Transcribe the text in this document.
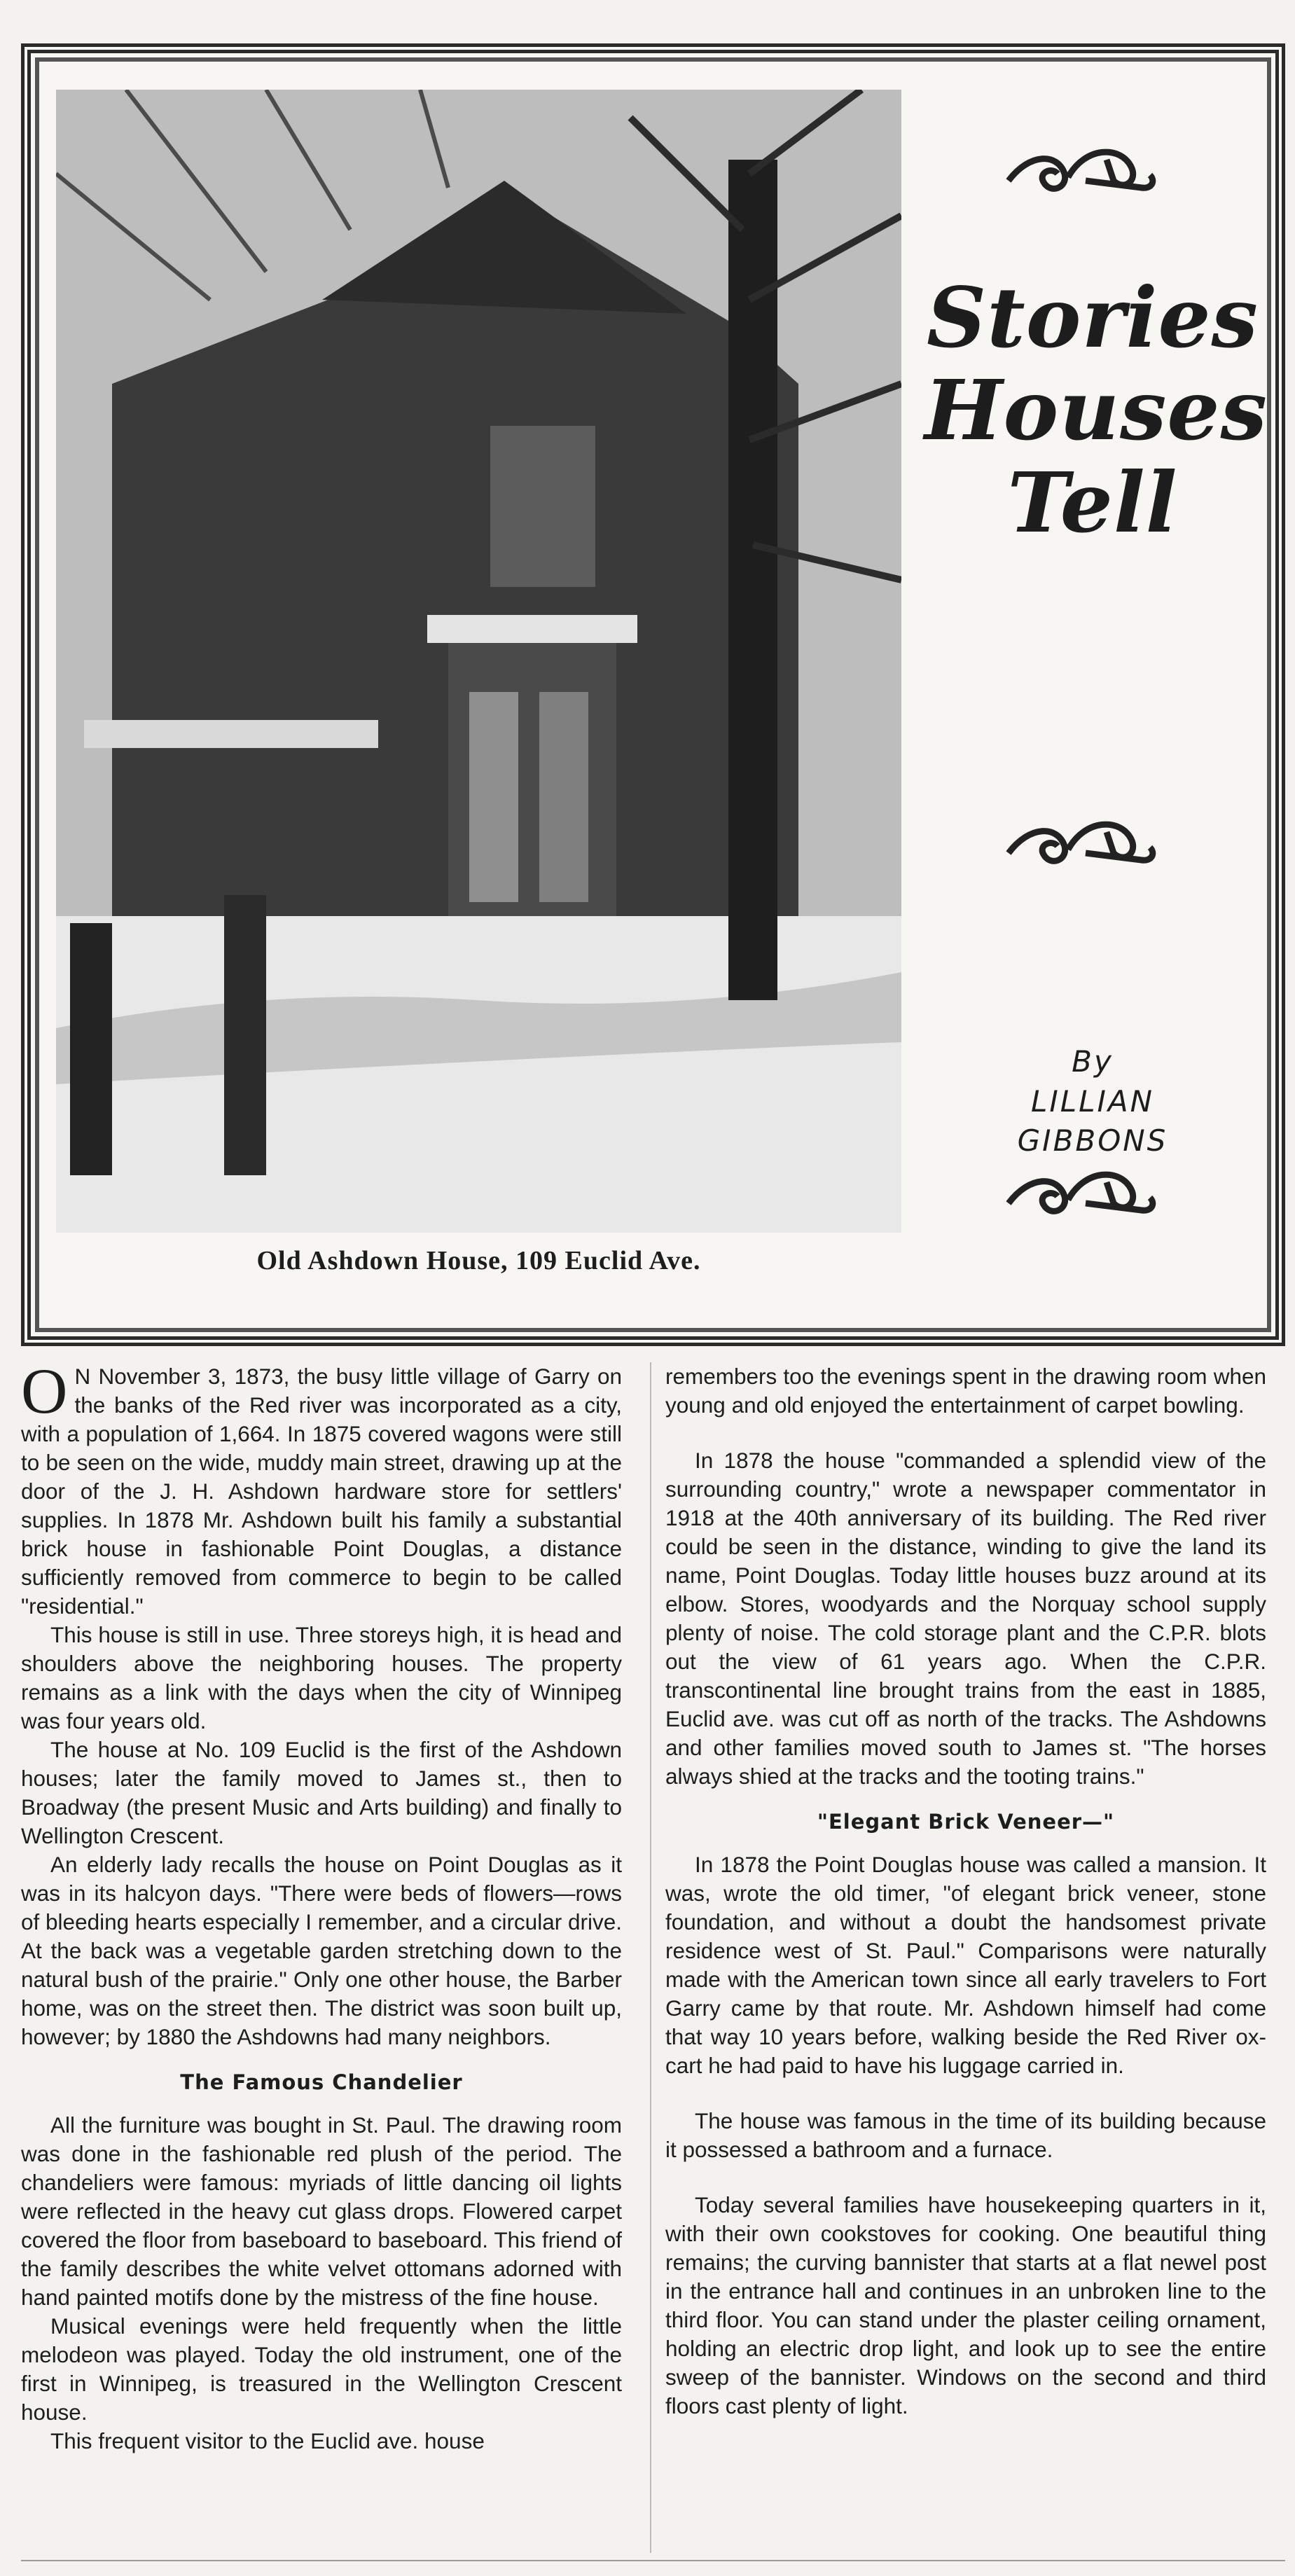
Old Ashdown House, 109 Euclid Ave.
Stories
Houses
Tell
By
LILLIAN
GIBBONS

O N November 3, 1873, the busy little village of Garry on the banks of the Red river was incorporated as a city, with a population of 1,664. In 1875 covered wagons were still to be seen on the wide, muddy main street, drawing up at the door of the J. H. Ashdown hardware store for settlers' supplies. In 1878 Mr. Ashdown built his family a substantial brick house in fashionable Point Douglas, a distance sufficiently removed from commerce to begin to be called "residential."

This house is still in use. Three storeys high, it is head and shoulders above the neighboring houses. The property remains as a link with the days when the city of Winnipeg was four years old.

The house at No. 109 Euclid is the first of the Ashdown houses; later the family moved to James st., then to Broadway (the present Music and Arts building) and finally to Wellington Crescent.

An elderly lady recalls the house on Point Douglas as it was in its halcyon days. "There were beds of flowers—rows of bleeding hearts especially I remember, and a circular drive. At the back was a vegetable garden stretching down to the natural bush of the prairie." Only one other house, the Barber home, was on the street then. The district was soon built up, however; by 1880 the Ashdowns had many neighbors.

The Famous Chandelier

All the furniture was bought in St. Paul. The drawing room was done in the fashionable red plush of the period. The chandeliers were famous: myriads of little dancing oil lights were reflected in the heavy cut glass drops. Flowered carpet covered the floor from baseboard to baseboard. This friend of the family describes the white velvet ottomans adorned with hand painted motifs done by the mistress of the fine house.

Musical evenings were held frequently when the little melodeon was played. Today the old instrument, one of the first in Winnipeg, is treasured in the Wellington Crescent house.

This frequent visitor to the Euclid ave. house

remembers too the evenings spent in the drawing room when young and old enjoyed the entertainment of carpet bowling.

In 1878 the house "commanded a splendid view of the surrounding country," wrote a newspaper commentator in 1918 at the 40th anniversary of its building. The Red river could be seen in the distance, winding to give the land its name, Point Douglas. Today little houses buzz around at its elbow. Stores, woodyards and the Norquay school supply plenty of noise. The cold storage plant and the C.P.R. blots out the view of 61 years ago. When the C.P.R. transcontinental line brought trains from the east in 1885, Euclid ave. was cut off as north of the tracks. The Ashdowns and other families moved south to James st. "The horses always shied at the tracks and the tooting trains."

"Elegant Brick Veneer—"

In 1878 the Point Douglas house was called a mansion. It was, wrote the old timer, "of elegant brick veneer, stone foundation, and without a doubt the handsomest private residence west of St. Paul." Comparisons were naturally made with the American town since all early travelers to Fort Garry came by that route. Mr. Ashdown himself had come that way 10 years before, walking beside the Red River ox-cart he had paid to have his luggage carried in.

The house was famous in the time of its building because it possessed a bathroom and a furnace.

Today several families have housekeeping quarters in it, with their own cookstoves for cooking. One beautiful thing remains; the curving bannister that starts at a flat newel post in the entrance hall and continues in an unbroken line to the third floor. You can stand under the plaster ceiling ornament, holding an electric drop light, and look up to see the entire sweep of the bannister. Windows on the second and third floors cast plenty of light.
